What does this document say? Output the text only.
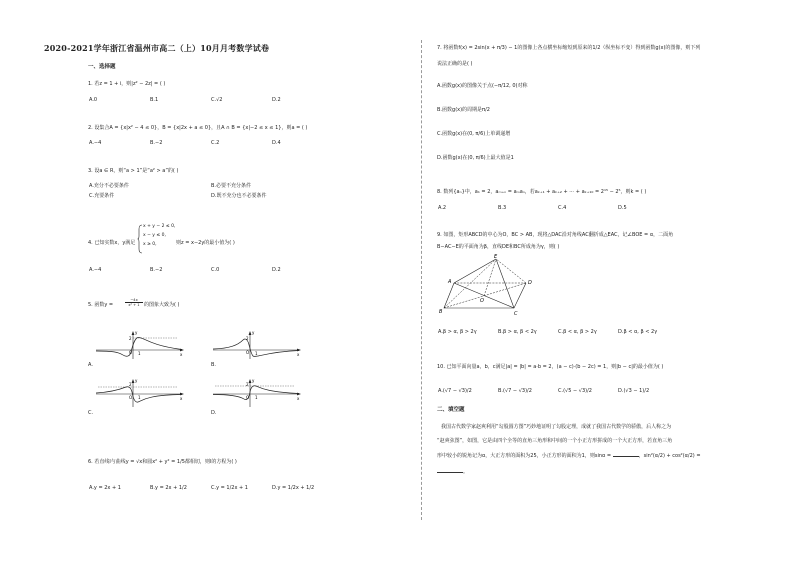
2020-2021学年浙江省温州市高二（上）10月月考数学试卷
一、选择题
1. 若z = 1 + i，则|z² − 2z| = ( )
A.0	B.1	C.√2	D.2
2. 设集合A = {x|x² − 4 ≤ 0}，B = {x|2x + a ≤ 0}，且A ∩ B = {x|−2 ≤ x ≤ 1}，则a = ( )
A.−4	B.−2	C.2	D.4
3. 设a ∈ R，则“a > 1”是“a² > a”的( )
A.充分不必要条件	B.必要不充分条件
C.充要条件	D.既不充分也不必要条件
4. 已知实数x，y满足
x + y − 2 ≤ 0,
x − y ≤ 0,
x ≥ 0,	则z = x−2y的最小值为( )
A.−4	B.−2	C.0	D.2
5. 函数y =	$\frac{-4x}{\text{x² + 1}}$ 的图象大致为( )
2
O 1	x
y
A.
2
O 1	x
y
B.
2
O 1	x
y
C.
2
O 1	x
y
D.
6. 若直线l与曲线y = √x和圆x² + y² = 1/5都相切，则l的方程为( )
A.y = 2x + 1	B.y = 2x + 1/2	C.y = 1/2x + 1	D.y = 1/2x + 1/2
7. 将函数f(x) = 2sin(x + π/3) − 1的图像上各点横坐标缩短到原来的1/2（纵坐标不变）得到函数g(x)的图像，则下列
说法正确的是( )
A.函数g(x)的图像关于点(−π/12, 0)对称
B.函数g(x)的周期是π/2
C.函数g(x)在(0, π/6)上单调递增
D.函数g(x)在(0, π/6)上最大值是1
8. 数列{aₙ}中，a₁ = 2，aₘ₊ₙ = aₘaₙ，若aₖ₊₁ + aₖ₊₂ + ⋯ + aₖ₊₁₀ = 2¹⁵ − 2⁵，则k = ( )
A.2	B.3	C.4	D.5
9. 如图，矩形ABCD的中心为O，BC > AB，现将△DAC沿对角线AC翻折成△EAC，记∠BOE = α，二面角
B−AC−E的平面角为β，直线DE和BC所成角为γ，则( )
E
D
A
O
B	C
A.β > α, β > 2γ	B.β > α, β < 2γ	C.β < α, β > 2γ	D.β < α, β < 2γ
10. 已知平面向量a，b，c满足|a| = |b| = a·b = 2，(a − c)·(b − 2c) = 1，则|b − c|的最小值为( )
A.(√7 − √3)/2	B.(√7 − √3)/2	C.(√5 − √3)/2	D.(√3 − 1)/2
二、填空题
我国古代数学家赵爽利用“勾股圆方图”巧妙地证明了勾股定理，成就了我国古代数学的骄傲，后人称之为
“赵爽弦图”，如图，它是由四个全等的直角三角形和中间的一个小正方形拼成的一个大正方形，若直角三角
形中较小的锐角记为α，大正方形的面积为25，小正方形的面积为1，则sinα =	，sin²(α/2) + cos²(α/2) =
。
